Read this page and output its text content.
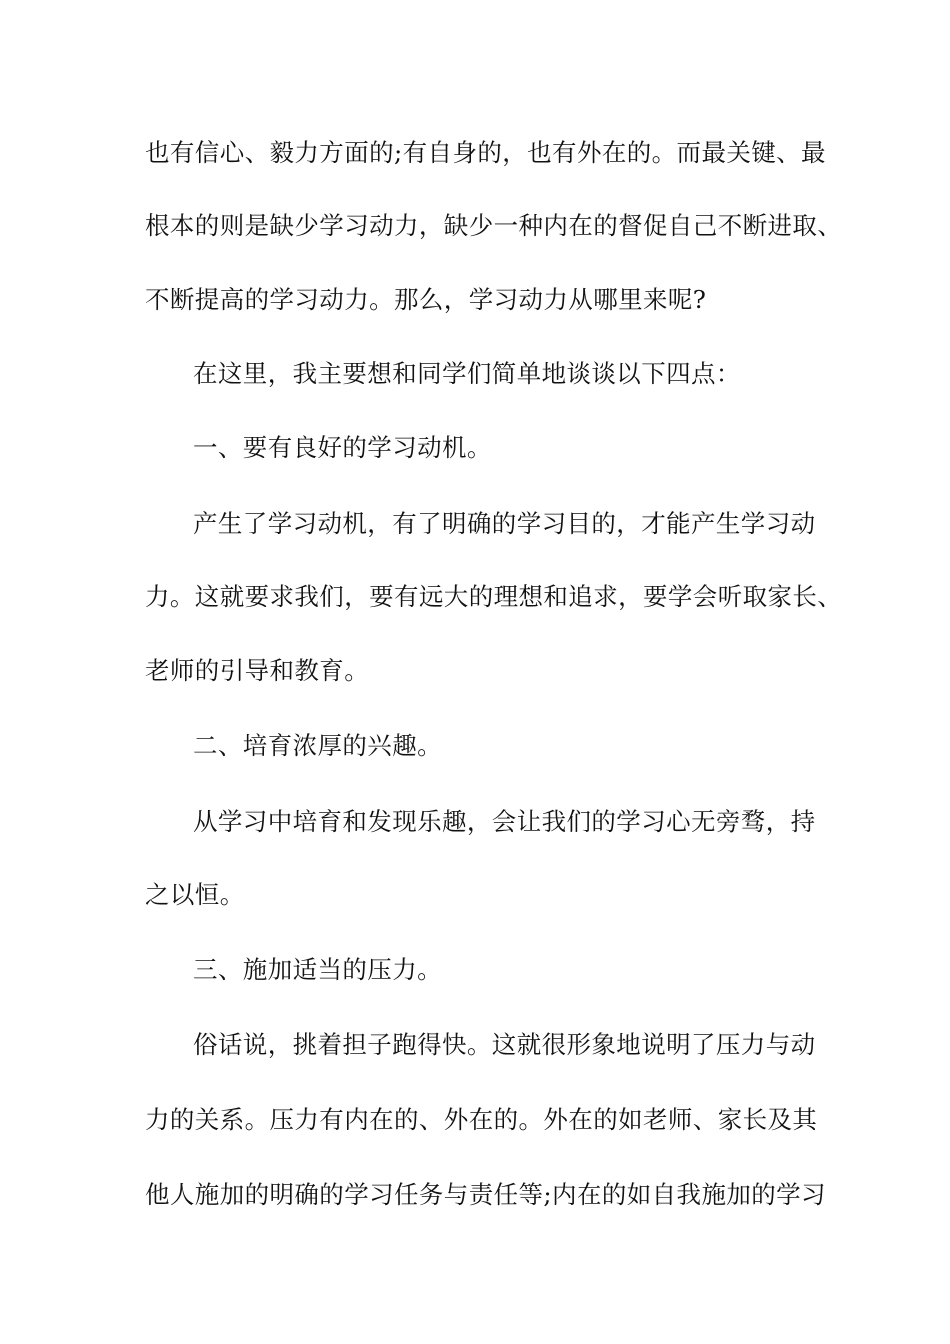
也有信心、毅力方面的;有自身的，也有外在的。而最关键、最
根本的则是缺少学习动力，缺少一种内在的督促自己不断进取、
不断提高的学习动力。那么，学习动力从哪里来呢?
在这里，我主要想和同学们简单地谈谈以下四点：
一、要有良好的学习动机。
产生了学习动机，有了明确的学习目的，才能产生学习动
力。这就要求我们，要有远大的理想和追求，要学会听取家长、
老师的引导和教育。
二、培育浓厚的兴趣。
从学习中培育和发现乐趣，会让我们的学习心无旁骛，持
之以恒。
三、施加适当的压力。
俗话说，挑着担子跑得快。这就很形象地说明了压力与动
力的关系。压力有内在的、外在的。外在的如老师、家长及其
他人施加的明确的学习任务与责任等;内在的如自我施加的学习
